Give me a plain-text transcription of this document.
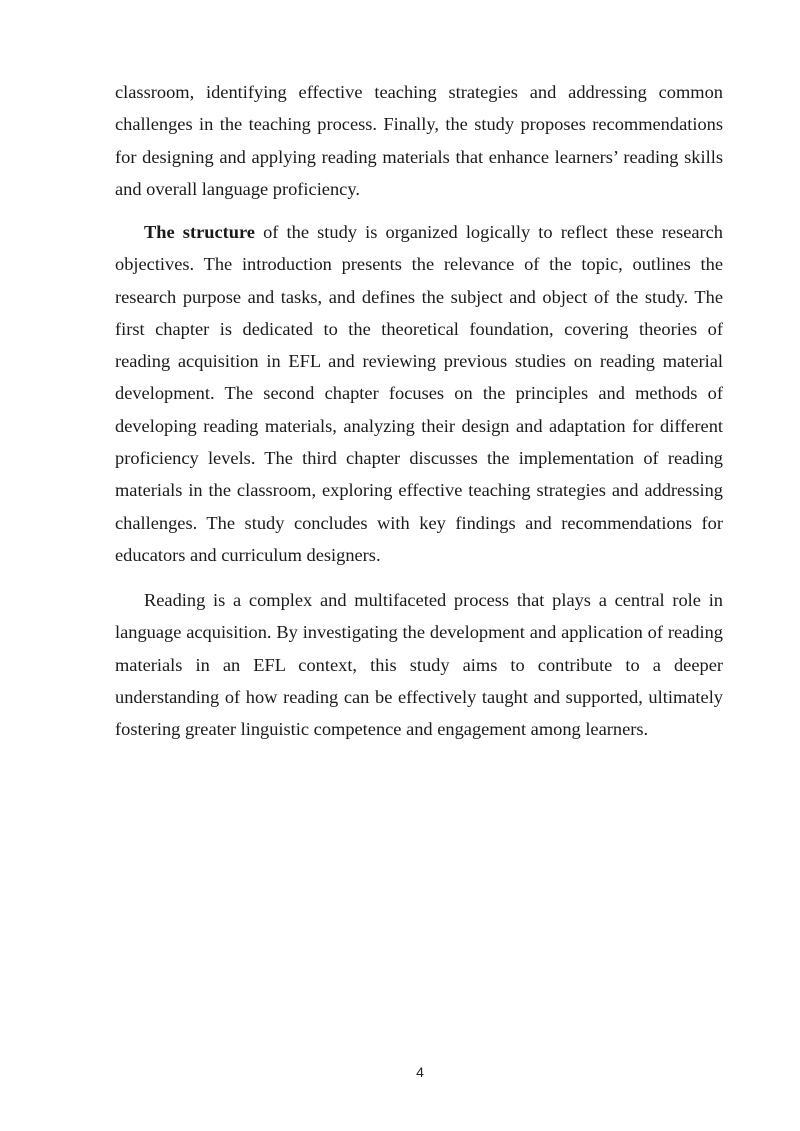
classroom, identifying effective teaching strategies and addressing common challenges in the teaching process. Finally, the study proposes recommendations for designing and applying reading materials that enhance learners’ reading skills and overall language proficiency.

The structure of the study is organized logically to reflect these research objectives. The introduction presents the relevance of the topic, outlines the research purpose and tasks, and defines the subject and object of the study. The first chapter is dedicated to the theoretical foundation, covering theories of reading acquisition in EFL and reviewing previous studies on reading material development. The second chapter focuses on the principles and methods of developing reading materials, analyzing their design and adaptation for different proficiency levels. The third chapter discusses the implementation of reading materials in the classroom, exploring effective teaching strategies and addressing challenges. The study concludes with key findings and recommendations for educators and curriculum designers.

Reading is a complex and multifaceted process that plays a central role in language acquisition. By investigating the development and application of reading materials in an EFL context, this study aims to contribute to a deeper understanding of how reading can be effectively taught and supported, ultimately fostering greater linguistic competence and engagement among learners.

4
